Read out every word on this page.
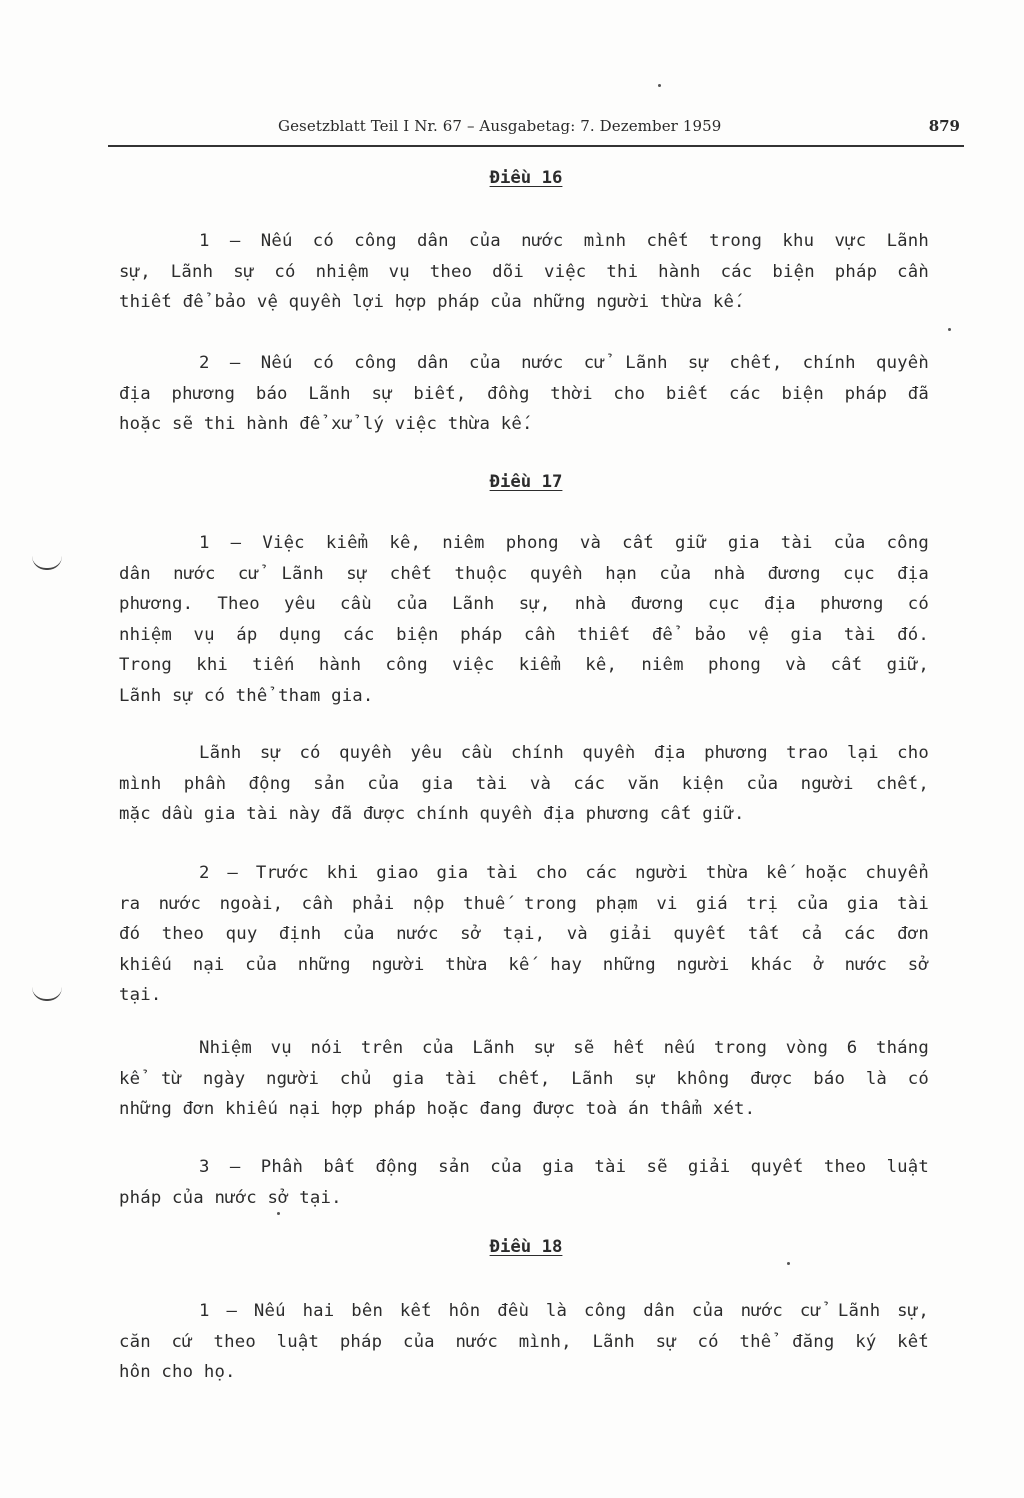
Gesetzblatt Teil I Nr. 67 – Ausgabetag: 7. Dezember 1959	879
Điều 16
1 – Nếu có công dân của nước mình chết trong khu vực Lãnh
sự, Lãnh sự có nhiệm vụ theo dõi việc thi hành các biện pháp cần
thiết để bảo vệ quyền lợi hợp pháp của những người thừa kế.
2 – Nếu có công dân của nước cử Lãnh sự chết, chính quyền
địa phương báo Lãnh sự biết, đồng thời cho biết các biện pháp đã
hoặc sẽ thi hành để xử lý việc thừa kế.
Điều 17
1 – Việc kiểm kê, niêm phong và cất giữ gia tài của công
dân nước cử Lãnh sự chết thuộc quyền hạn của nhà đương cục địa
phương. Theo yêu cầu của Lãnh sự, nhà đương cục địa phương có
nhiệm vụ áp dụng các biện pháp cần thiết để bảo vệ gia tài đó.
Trong khi tiến hành công việc kiểm kê, niêm phong và cất giữ,
Lãnh sự có thể tham gia.
Lãnh sự có quyền yêu cầu chính quyền địa phương trao lại cho
mình phần động sản của gia tài và các văn kiện của người chết,
mặc dầu gia tài này đã được chính quyền địa phương cất giữ.
2 – Trước khi giao gia tài cho các người thừa kế hoặc chuyển
ra nước ngoài, cần phải nộp thuế trong phạm vi giá trị của gia tài
đó theo quy định của nước sở tại, và giải quyết tất cả các đơn
khiếu nại của những người thừa kế hay những người khác ở nước sở
tại.
Nhiệm vụ nói trên của Lãnh sự sẽ hết nếu trong vòng 6 tháng
kể từ ngày người chủ gia tài chết, Lãnh sự không được báo là có
những đơn khiếu nại hợp pháp hoặc đang được toà án thẩm xét.
3 – Phần bất động sản của gia tài sẽ giải quyết theo luật
pháp của nước sở tại.
Điều 18
1 – Nếu hai bên kết hôn đều là công dân của nước cử Lãnh sự,
căn cứ theo luật pháp của nước mình, Lãnh sự có thể đăng ký kết
hôn cho họ.
